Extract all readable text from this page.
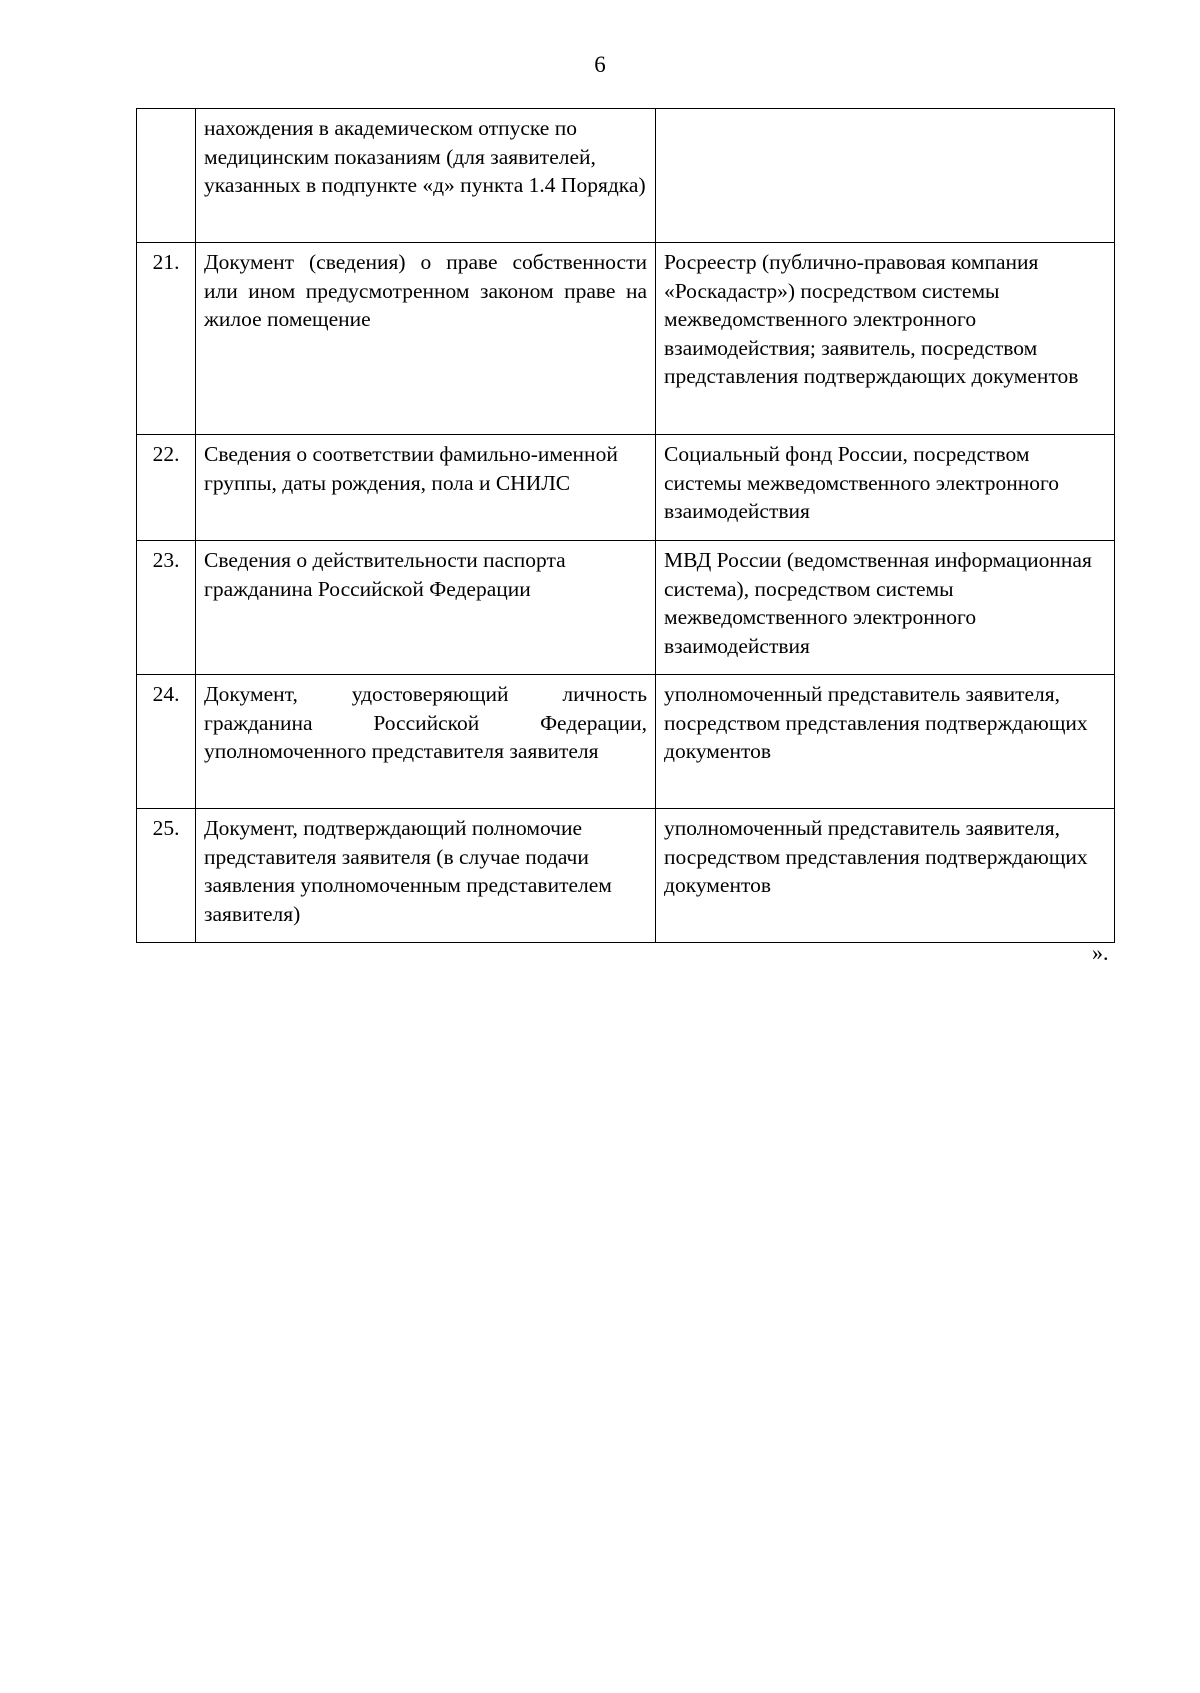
6
	нахождения в академическом отпуске по медицинским показаниям (для заявителей, указанных в подпункте «д» пункта 1.4 Порядка)	
21.	Документ (сведения) о праве собственности или ином предусмотренном законом праве на жилое помещение	Росреестр (публично-правовая компания «Роскадастр») посредством системы межведомственного электронного взаимодействия; заявитель, посредством представления подтверждающих документов
22.	Сведения о соответствии фамильно-именной группы, даты рождения, пола и СНИЛС	Социальный фонд России, посредством системы межведомственного электронного взаимодействия
23.	Сведения о действительности паспорта гражданина Российской Федерации	МВД России (ведомственная информационная система), посредством системы межведомственного электронного взаимодействия
24.	Документ, удостоверяющий личность гражданина Российской Федерации, уполномоченного представителя заявителя	уполномоченный представитель заявителя, посредством представления подтверждающих документов
25.	Документ, подтверждающий полномочие представителя заявителя (в случае подачи заявления уполномоченным представителем заявителя)	уполномоченный представитель заявителя, посредством представления подтверждающих документов
».
